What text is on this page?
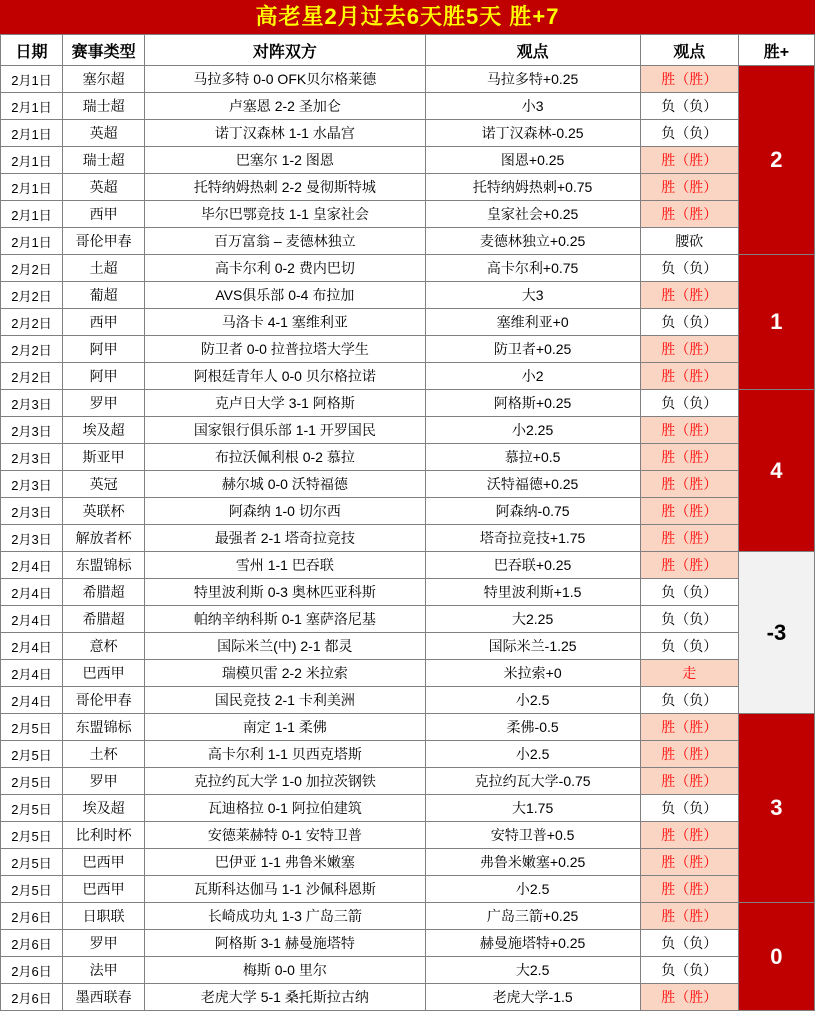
高老星2月过去6天胜5天 胜+7
日期	赛事类型	对阵双方	观点	观点	胜+
2月1日	塞尔超	马拉多特 0-0 OFK贝尔格莱德	马拉多特+0.25	胜（胜）	2
2月1日	瑞士超	卢塞恩 2-2 圣加仑	小3	负（负）	
2月1日	英超	诺丁汉森林 1-1 水晶宫	诺丁汉森林-0.25	负（负）	
2月1日	瑞士超	巴塞尔 1-2 图恩	图恩+0.25	胜（胜）	
2月1日	英超	托特纳姆热刺 2-2 曼彻斯特城	托特纳姆热刺+0.75	胜（胜）	
2月1日	西甲	毕尔巴鄂竞技 1-1 皇家社会	皇家社会+0.25	胜（胜）	
2月1日	哥伦甲春	百万富翁 – 麦德林独立	麦德林独立+0.25	腰砍	
2月2日	土超	高卡尔利 0-2 费内巴切	高卡尔利+0.75	负（负）	1
2月2日	葡超	AVS俱乐部 0-4 布拉加	大3	胜（胜）	
2月2日	西甲	马洛卡 4-1 塞维利亚	塞维利亚+0	负（负）	
2月2日	阿甲	防卫者 0-0 拉普拉塔大学生	防卫者+0.25	胜（胜）	
2月2日	阿甲	阿根廷青年人 0-0 贝尔格拉诺	小2	胜（胜）	
2月3日	罗甲	克卢日大学 3-1 阿格斯	阿格斯+0.25	负（负）	4
2月3日	埃及超	国家银行俱乐部 1-1 开罗国民	小2.25	胜（胜）	
2月3日	斯亚甲	布拉沃佩利根 0-2 慕拉	慕拉+0.5	胜（胜）	
2月3日	英冠	赫尔城 0-0 沃特福德	沃特福德+0.25	胜（胜）	
2月3日	英联杯	阿森纳 1-0 切尔西	阿森纳-0.75	胜（胜）	
2月3日	解放者杯	最强者 2-1 塔奇拉竞技	塔奇拉竞技+1.75	胜（胜）	
2月4日	东盟锦标	雪州 1-1 巴吞联	巴吞联+0.25	胜（胜）	-3
2月4日	希腊超	特里波利斯 0-3 奥林匹亚科斯	特里波利斯+1.5	负（负）	
2月4日	希腊超	帕纳辛纳科斯 0-1 塞萨洛尼基	大2.25	负（负）	
2月4日	意杯	国际米兰(中) 2-1 都灵	国际米兰-1.25	负（负）	
2月4日	巴西甲	瑞模贝雷 2-2 米拉索	米拉索+0	走	
2月4日	哥伦甲春	国民竞技 2-1 卡利美洲	小2.5	负（负）	
2月5日	东盟锦标	南定 1-1 柔佛	柔佛-0.5	胜（胜）	3
2月5日	土杯	高卡尔利 1-1 贝西克塔斯	小2.5	胜（胜）	
2月5日	罗甲	克拉约瓦大学 1-0 加拉茨钢铁	克拉约瓦大学-0.75	胜（胜）	
2月5日	埃及超	瓦迪格拉 0-1 阿拉伯建筑	大1.75	负（负）	
2月5日	比利时杯	安德莱赫特 0-1 安特卫普	安特卫普+0.5	胜（胜）	
2月5日	巴西甲	巴伊亚 1-1 弗鲁米嫩塞	弗鲁米嫩塞+0.25	胜（胜）	
2月5日	巴西甲	瓦斯科达伽马 1-1 沙佩科恩斯	小2.5	胜（胜）	
2月6日	日职联	长崎成功丸 1-3 广岛三箭	广岛三箭+0.25	胜（胜）	0
2月6日	罗甲	阿格斯 3-1 赫曼施塔特	赫曼施塔特+0.25	负（负）	
2月6日	法甲	梅斯 0-0 里尔	大2.5	负（负）	
2月6日	墨西联春	老虎大学 5-1 桑托斯拉古纳	老虎大学-1.5	胜（胜）	
